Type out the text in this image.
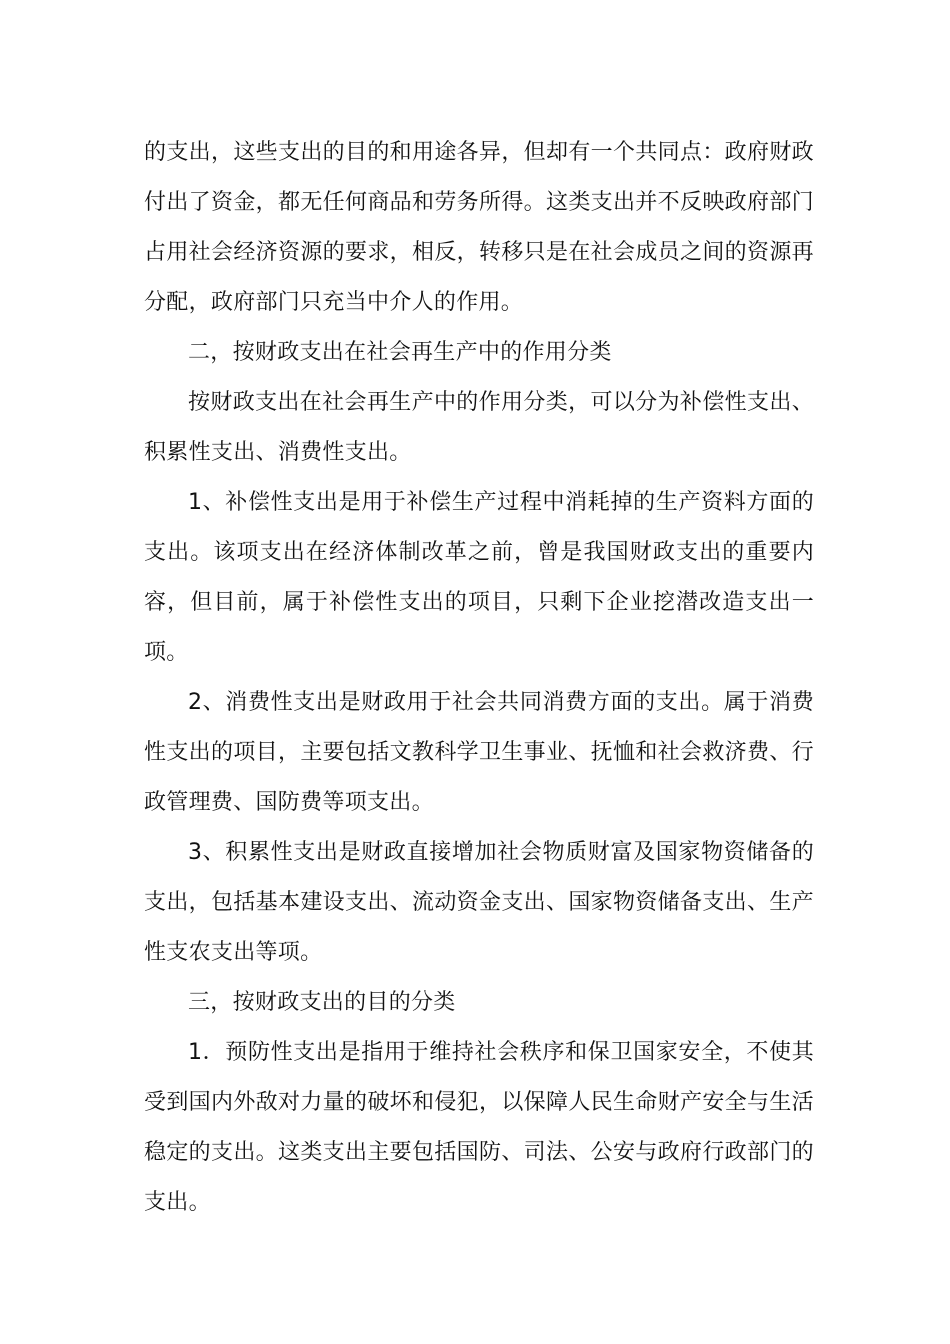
的支出，这些支出的目的和用途各异，但却有一个共同点：政府财政付出了资金，都无任何商品和劳务所得。这类支出并不反映政府部门占用社会经济资源的要求，相反，转移只是在社会成员之间的资源再分配，政府部门只充当中介人的作用。

二，按财政支出在社会再生产中的作用分类

按财政支出在社会再生产中的作用分类，可以分为补偿性支出、积累性支出、消费性支出。

1、补偿性支出是用于补偿生产过程中消耗掉的生产资料方面的支出。该项支出在经济体制改革之前，曾是我国财政支出的重要内容，但目前，属于补偿性支出的项目，只剩下企业挖潜改造支出一项。

2、消费性支出是财政用于社会共同消费方面的支出。属于消费性支出的项目，主要包括文教科学卫生事业、抚恤和社会救济费、行政管理费、国防费等项支出。

3、积累性支出是财政直接增加社会物质财富及国家物资储备的支出，包括基本建设支出、流动资金支出、国家物资储备支出、生产性支农支出等项。

三，按财政支出的目的分类

1．预防性支出是指用于维持社会秩序和保卫国家安全，不使其受到国内外敌对力量的破坏和侵犯，以保障人民生命财产安全与生活稳定的支出。这类支出主要包括国防、司法、公安与政府行政部门的支出。
